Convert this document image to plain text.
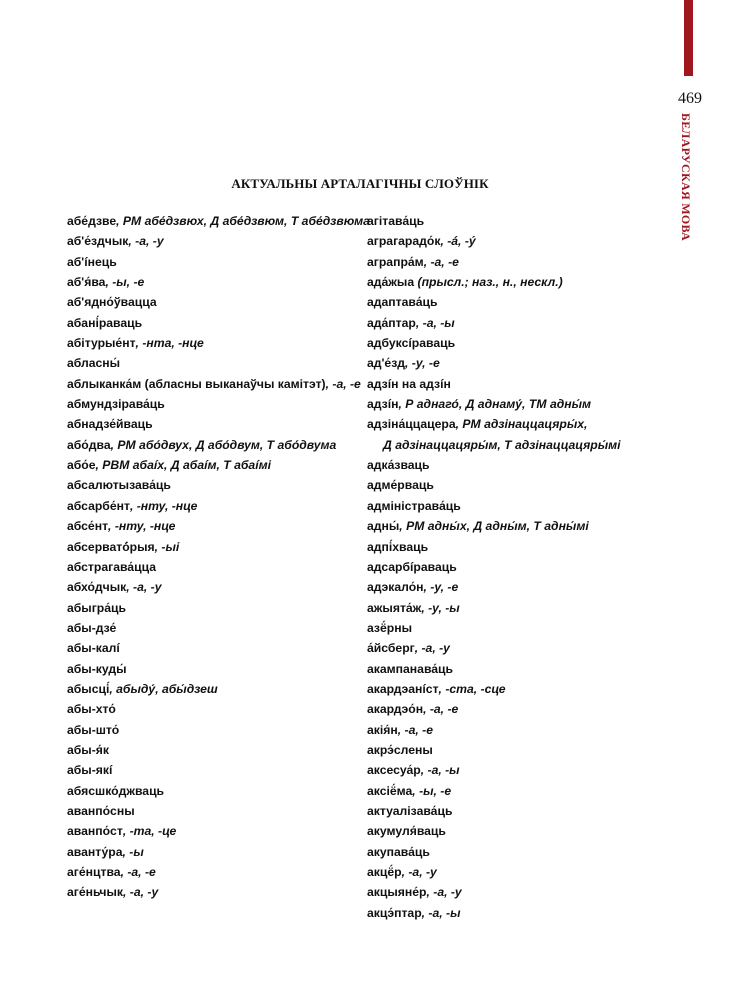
469
БЕЛАРУСКАЯ МОВА
АКТУАЛЬНЫ АРТАЛАГІЧНЫ СЛОЎНІК
абе́дзве, РМ абе́дзвюх, Д абе́дзвюм, Т абе́дзвюма
аб'е́здчык, -а, -у
аб'íнець
аб'я́ва, -ы, -е
аб'ядно́ўвацца
абані́раваць
абітурые́нт, -нта, -нце
абласны́
аблыканка́м (абласны выканаўчы камітэт), -а, -е
абмундзірава́ць
абнадзе́йваць
або́два, РМ або́двух, Д або́двум, Т або́двума
або́е, РВМ абаíх, Д абаíм, Т абаíмі
абсалютызава́ць
абсарбе́нт, -нту, -нце
абсе́нт, -нту, -нце
абсерватó́рыя, -ыі
абстрагава́цца
абхо́дчык, -а, -у
абыгра́ць
абы-дзе́
абы-калí
абы-куды́
абысці́, абыду́, абы́дзеш
абы-хто́
абы-што́
абы-я́к
абы-якí
абясшко́джваць
аванпо́сны
аванпо́ст, -та, -це
аванту́ра, -ы
аге́нцтва, -а, -е
аге́ньчык, -а, -у
агітава́ць
аграгарадо́к, -á, -ý
аграпра́м, -а, -е
ада́жыа (прысл.; наз., н., нескл.)
адаптава́ць
ада́птар, -а, -ы
адбуксíраваць
ад'е́зд, -у, -е
адзíн на адзíн
адзíн, Р аднаго́, Д аднаму́, ТМ адны́м
адзіна́ццацера, РМ адзінаццацяры́х,
Д адзінаццацяры́м, Т адзінаццацяры́мі
адка́зваць
адме́рваць
адміністрава́ць
адны́, РМ адны́х, Д адны́м, Т адны́мі
адпі́хваць
адсарбíраваць
адэкало́н, -у, -е
ажыята́ж, -у, -ы
азё́рны
а́йсберг, -а, -у
акампанава́ць
акардэанíст, -ста, -сце
акардэо́н, -а, -е
акія́н, -а, -е
акрэ́слены
аксесуа́р, -а, -ы
аксіё́ма, -ы, -е
актуалізава́ць
акумуля́ваць
акупава́ць
акцё́р, -а, -у
акцыяне́р, -а, -у
акцэ́птар, -а, -ы
